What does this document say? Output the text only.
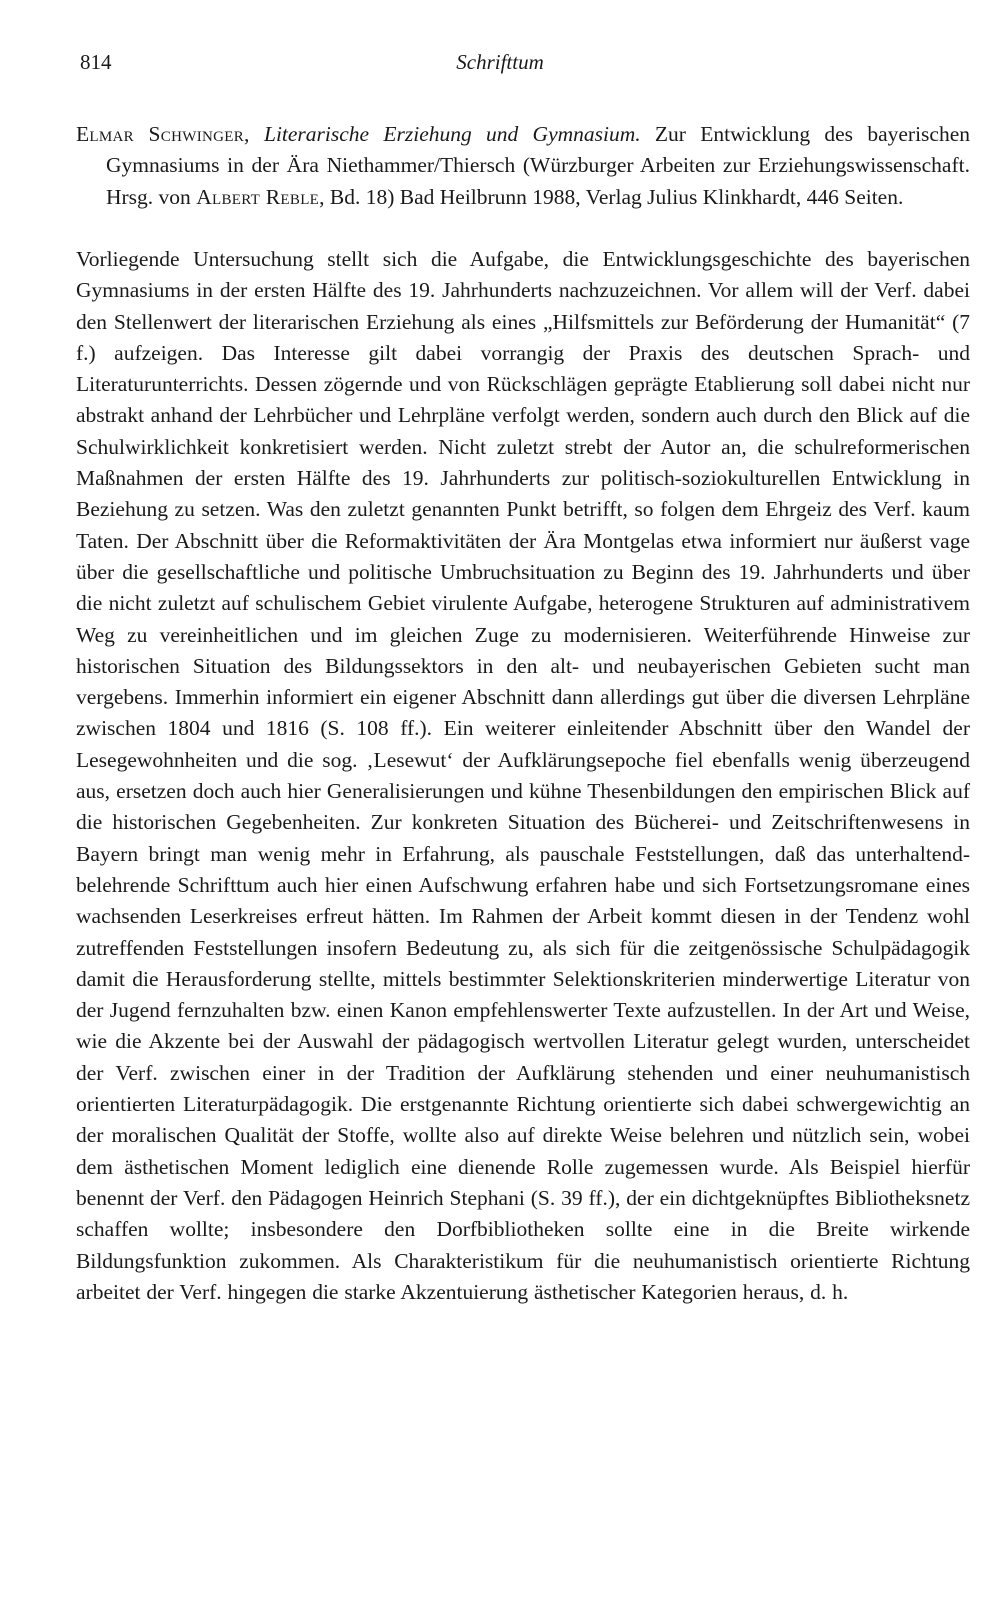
814	Schrifttum

Elmar Schwinger, Literarische Erziehung und Gymnasium. Zur Entwicklung des bayerischen Gymnasiums in der Ära Niethammer/Thiersch (Würzburger Arbeiten zur Erziehungswissenschaft. Hrsg. von Albert Reble, Bd. 18) Bad Heilbrunn 1988, Verlag Julius Klinkhardt, 446 Seiten.

Vorliegende Untersuchung stellt sich die Aufgabe, die Entwicklungsgeschichte des bayerischen Gymnasiums in der ersten Hälfte des 19. Jahrhunderts nachzuzeichnen. Vor allem will der Verf. dabei den Stellenwert der literarischen Erziehung als eines „Hilfsmittels zur Beförderung der Humanität“ (7 f.) aufzeigen. Das Interesse gilt dabei vorrangig der Praxis des deutschen Sprach- und Literaturunterrichts. Dessen zögernde und von Rückschlägen geprägte Etablierung soll dabei nicht nur abstrakt anhand der Lehrbücher und Lehrpläne verfolgt werden, sondern auch durch den Blick auf die Schulwirklichkeit konkretisiert werden. Nicht zuletzt strebt der Autor an, die schulreformerischen Maßnahmen der ersten Hälfte des 19. Jahrhunderts zur politisch-soziokulturellen Entwicklung in Beziehung zu setzen. Was den zuletzt genannten Punkt betrifft, so folgen dem Ehrgeiz des Verf. kaum Taten. Der Abschnitt über die Reformaktivitäten der Ära Montgelas etwa informiert nur äußerst vage über die gesellschaftliche und politische Umbruchsituation zu Beginn des 19. Jahrhunderts und über die nicht zuletzt auf schulischem Gebiet virulente Aufgabe, heterogene Strukturen auf administrativem Weg zu vereinheitlichen und im gleichen Zuge zu modernisieren. Weiterführende Hinweise zur historischen Situation des Bildungssektors in den alt- und neubayerischen Gebieten sucht man vergebens. Immerhin informiert ein eigener Abschnitt dann allerdings gut über die diversen Lehrpläne zwischen 1804 und 1816 (S. 108 ff.). Ein weiterer einleitender Abschnitt über den Wandel der Lesegewohnheiten und die sog. ‚Lesewut‘ der Aufklärungsepoche fiel ebenfalls wenig überzeugend aus, ersetzen doch auch hier Generalisierungen und kühne Thesenbildungen den empirischen Blick auf die historischen Gegebenheiten. Zur konkreten Situation des Bücherei- und Zeitschriftenwesens in Bayern bringt man wenig mehr in Erfahrung, als pauschale Feststellungen, daß das unterhaltend-belehrende Schrifttum auch hier einen Aufschwung erfahren habe und sich Fortsetzungsromane eines wachsenden Leserkreises erfreut hätten. Im Rahmen der Arbeit kommt diesen in der Tendenz wohl zutreffenden Feststellungen insofern Bedeutung zu, als sich für die zeitgenössische Schulpädagogik damit die Herausforderung stellte, mittels bestimmter Selektionskriterien minderwertige Literatur von der Jugend fernzuhalten bzw. einen Kanon empfehlenswerter Texte aufzustellen. In der Art und Weise, wie die Akzente bei der Auswahl der pädagogisch wertvollen Literatur gelegt wurden, unterscheidet der Verf. zwischen einer in der Tradition der Aufklärung stehenden und einer neuhumanistisch orientierten Literaturpädagogik. Die erstgenannte Richtung orientierte sich dabei schwergewichtig an der moralischen Qualität der Stoffe, wollte also auf direkte Weise belehren und nützlich sein, wobei dem ästhetischen Moment lediglich eine dienende Rolle zugemessen wurde. Als Beispiel hierfür benennt der Verf. den Pädagogen Heinrich Stephani (S. 39 ff.), der ein dichtgeknüpftes Bibliotheksnetz schaffen wollte; insbesondere den Dorfbibliotheken sollte eine in die Breite wirkende Bildungsfunktion zukommen. Als Charakteristikum für die neuhumanistisch orientierte Richtung arbeitet der Verf. hingegen die starke Akzentuierung ästhetischer Kategorien heraus, d. h.
